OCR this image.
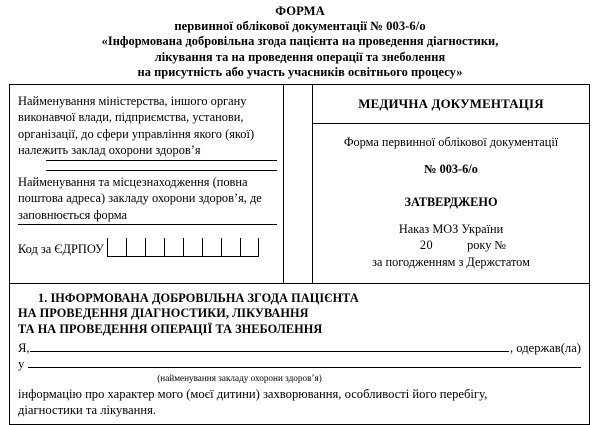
ФОРМА
первинної облікової документації № 003-6/о
«Інформована добровільна згода пацієнта на проведення діагностики,
лікування та на проведення операції та знеболення
на присутність або участь учасників освітнього процесу»
Найменування міністерства, іншого органу виконавчої влади, підприємства, установи, організації, до сфери управління якого (якої) належить заклад охорони здоров’я
Найменування та місцезнаходження (повна поштова адреса) закладу охорони здоров’я, де заповнюється форма
Код за ЄДРПОУ
МЕДИЧНА ДОКУМЕНТАЦІЯ
Форма первинної облікової документації
№ 003-6/о
ЗАТВЕРДЖЕНО
Наказ МОЗ України
20	року №
за погодженням з Держстатом
1. ІНФОРМОВАНА ДОБРОВІЛЬНА ЗГОДА ПАЦІЄНТА
НА ПРОВЕДЕННЯ ДІАГНОСТИКИ, ЛІКУВАННЯ
ТА НА ПРОВЕДЕННЯ ОПЕРАЦІЇ ТА ЗНЕБОЛЕННЯ
Я,	, одержав(ла)
у
(найменування закладу охорони здоров’я)
інформацію про характер мого (моєї дитини) захворювання, особливості його перебігу,
діагностики та лікування.
